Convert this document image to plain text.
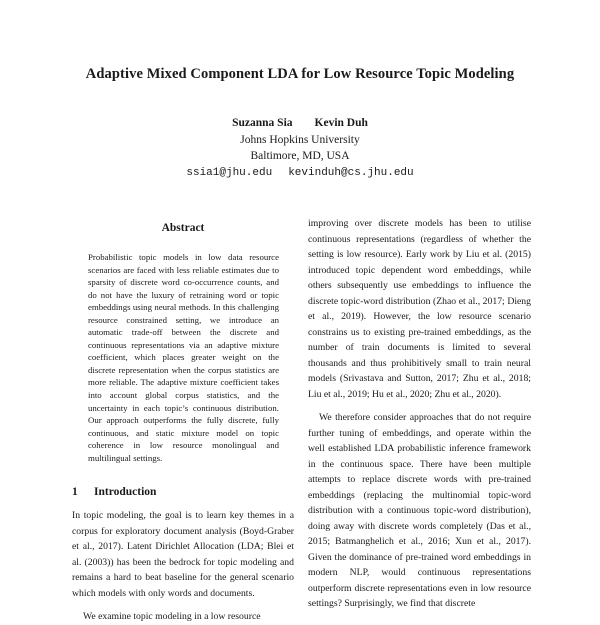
Adaptive Mixed Component LDA for Low Resource Topic Modeling
Suzanna Sia Kevin Duh
Johns Hopkins University
Baltimore, MD, USA
ssia1@jhu.edu kevinduh@cs.jhu.edu
Abstract
Probabilistic topic models in low data resource scenarios are faced with less reliable estimates due to sparsity of discrete word co-occurrence counts, and do not have the luxury of retraining word or topic embeddings using neural methods. In this challenging resource constrained setting, we introduce an automatic trade-off between the discrete and continuous representations via an adaptive mixture coefficient, which places greater weight on the discrete representation when the corpus statistics are more reliable. The adaptive mixture coefficient takes into account global corpus statistics, and the uncertainty in each topic’s continuous distribution. Our approach outperforms the fully discrete, fully continuous, and static mixture model on topic coherence in low resource monolingual and multilingual settings.
1 Introduction

In topic modeling, the goal is to learn key themes in a corpus for exploratory document analysis (Boyd-Graber et al., 2017). Latent Dirichlet Allocation (LDA; Blei et al. (2003)) has been the bedrock for topic modeling and remains a hard to beat baseline for the general scenario which models with only words and documents.

We examine topic modeling in a low resource

improving over discrete models has been to utilise continuous representations (regardless of whether the setting is low resource). Early work by Liu et al. (2015) introduced topic dependent word embeddings, while others subsequently use embeddings to influence the discrete topic-word distribution (Zhao et al., 2017; Dieng et al., 2019). However, the low resource scenario constrains us to existing pre-trained embeddings, as the number of train documents is limited to several thousands and thus prohibitively small to train neural models (Srivastava and Sutton, 2017; Zhu et al., 2018; Liu et al., 2019; Hu et al., 2020; Zhu et al., 2020).

We therefore consider approaches that do not require further tuning of embeddings, and operate within the well established LDA probabilistic inference framework in the continuous space. There have been multiple attempts to replace discrete words with pre-trained embeddings (replacing the multinomial topic-word distribution with a continuous topic-word distribution), doing away with discrete words completely (Das et al., 2015; Batmanghelich et al., 2016; Xun et al., 2017). Given the dominance of pre-trained word embeddings in modern NLP, would continuous representations outperform discrete representations even in low resource settings? Surprisingly, we find that discrete
